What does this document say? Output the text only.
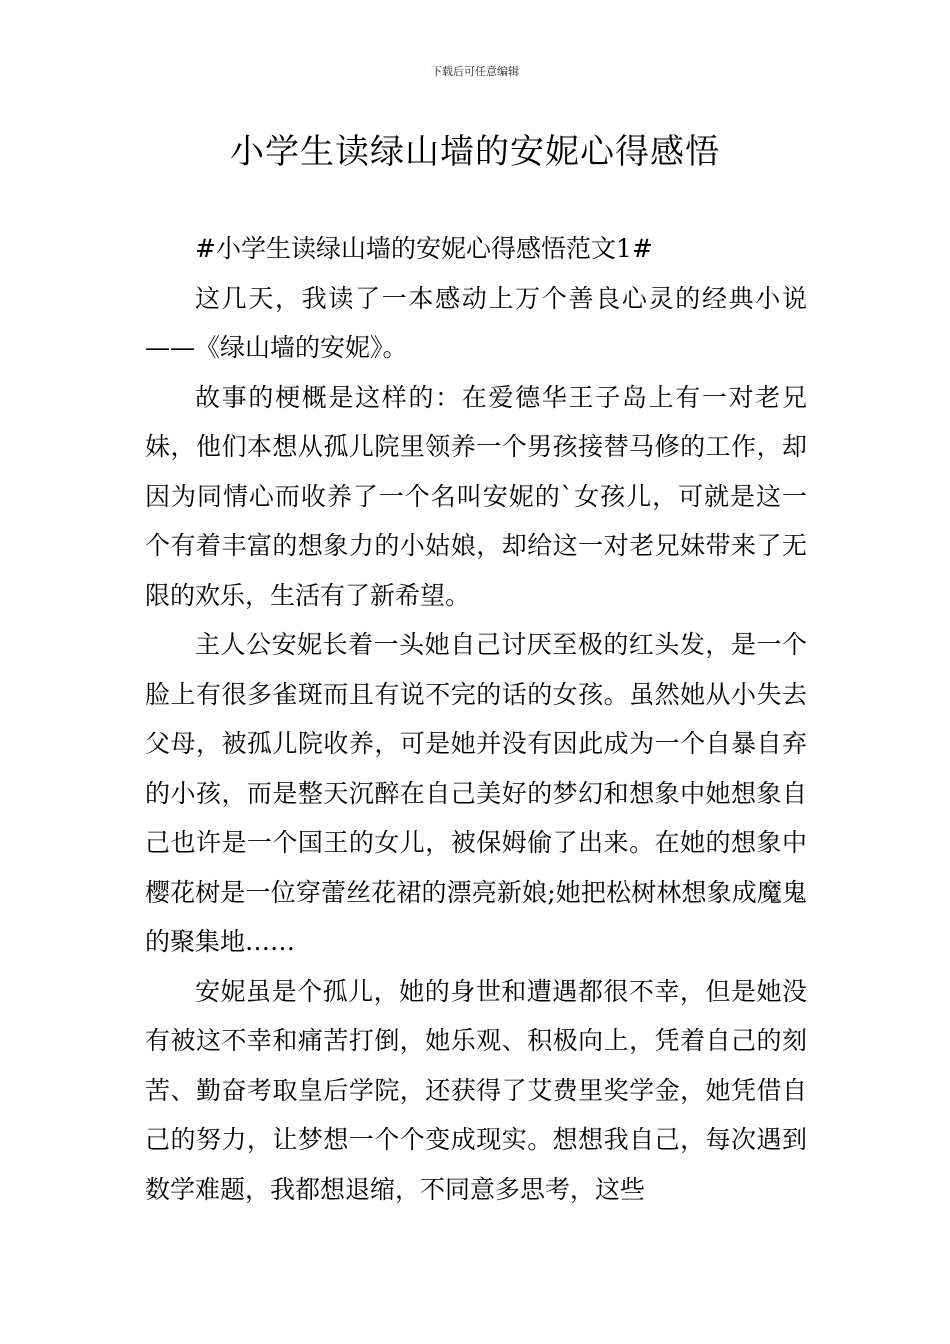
下载后可任意编辑
小学生读绿山墙的安妮心得感悟

#小学生读绿山墙的安妮心得感悟范文1#

这几天，我读了一本感动上万个善良心灵的经典小说——《绿山墙的安妮》。

故事的梗概是这样的：在爱德华王子岛上有一对老兄妹，他们本想从孤儿院里领养一个男孩接替马修的工作，却因为同情心而收养了一个名叫安妮的`女孩儿，可就是这一个有着丰富的想象力的小姑娘，却给这一对老兄妹带来了无限的欢乐，生活有了新希望。

主人公安妮长着一头她自己讨厌至极的红头发，是一个脸上有很多雀斑而且有说不完的话的女孩。虽然她从小失去父母，被孤儿院收养，可是她并没有因此成为一个自暴自弃的小孩，而是整天沉醉在自己美好的梦幻和想象中她想象自己也许是一个国王的女儿，被保姆偷了出来。在她的想象中樱花树是一位穿蕾丝花裙的漂亮新娘;她把松树林想象成魔鬼的聚集地……

安妮虽是个孤儿，她的身世和遭遇都很不幸，但是她没有被这不幸和痛苦打倒，她乐观、积极向上，凭着自己的刻苦、勤奋考取皇后学院，还获得了艾费里奖学金，她凭借自己的努力，让梦想一个个变成现实。想想我自己，每次遇到数学难题，我都想退缩，不同意多思考，这些
